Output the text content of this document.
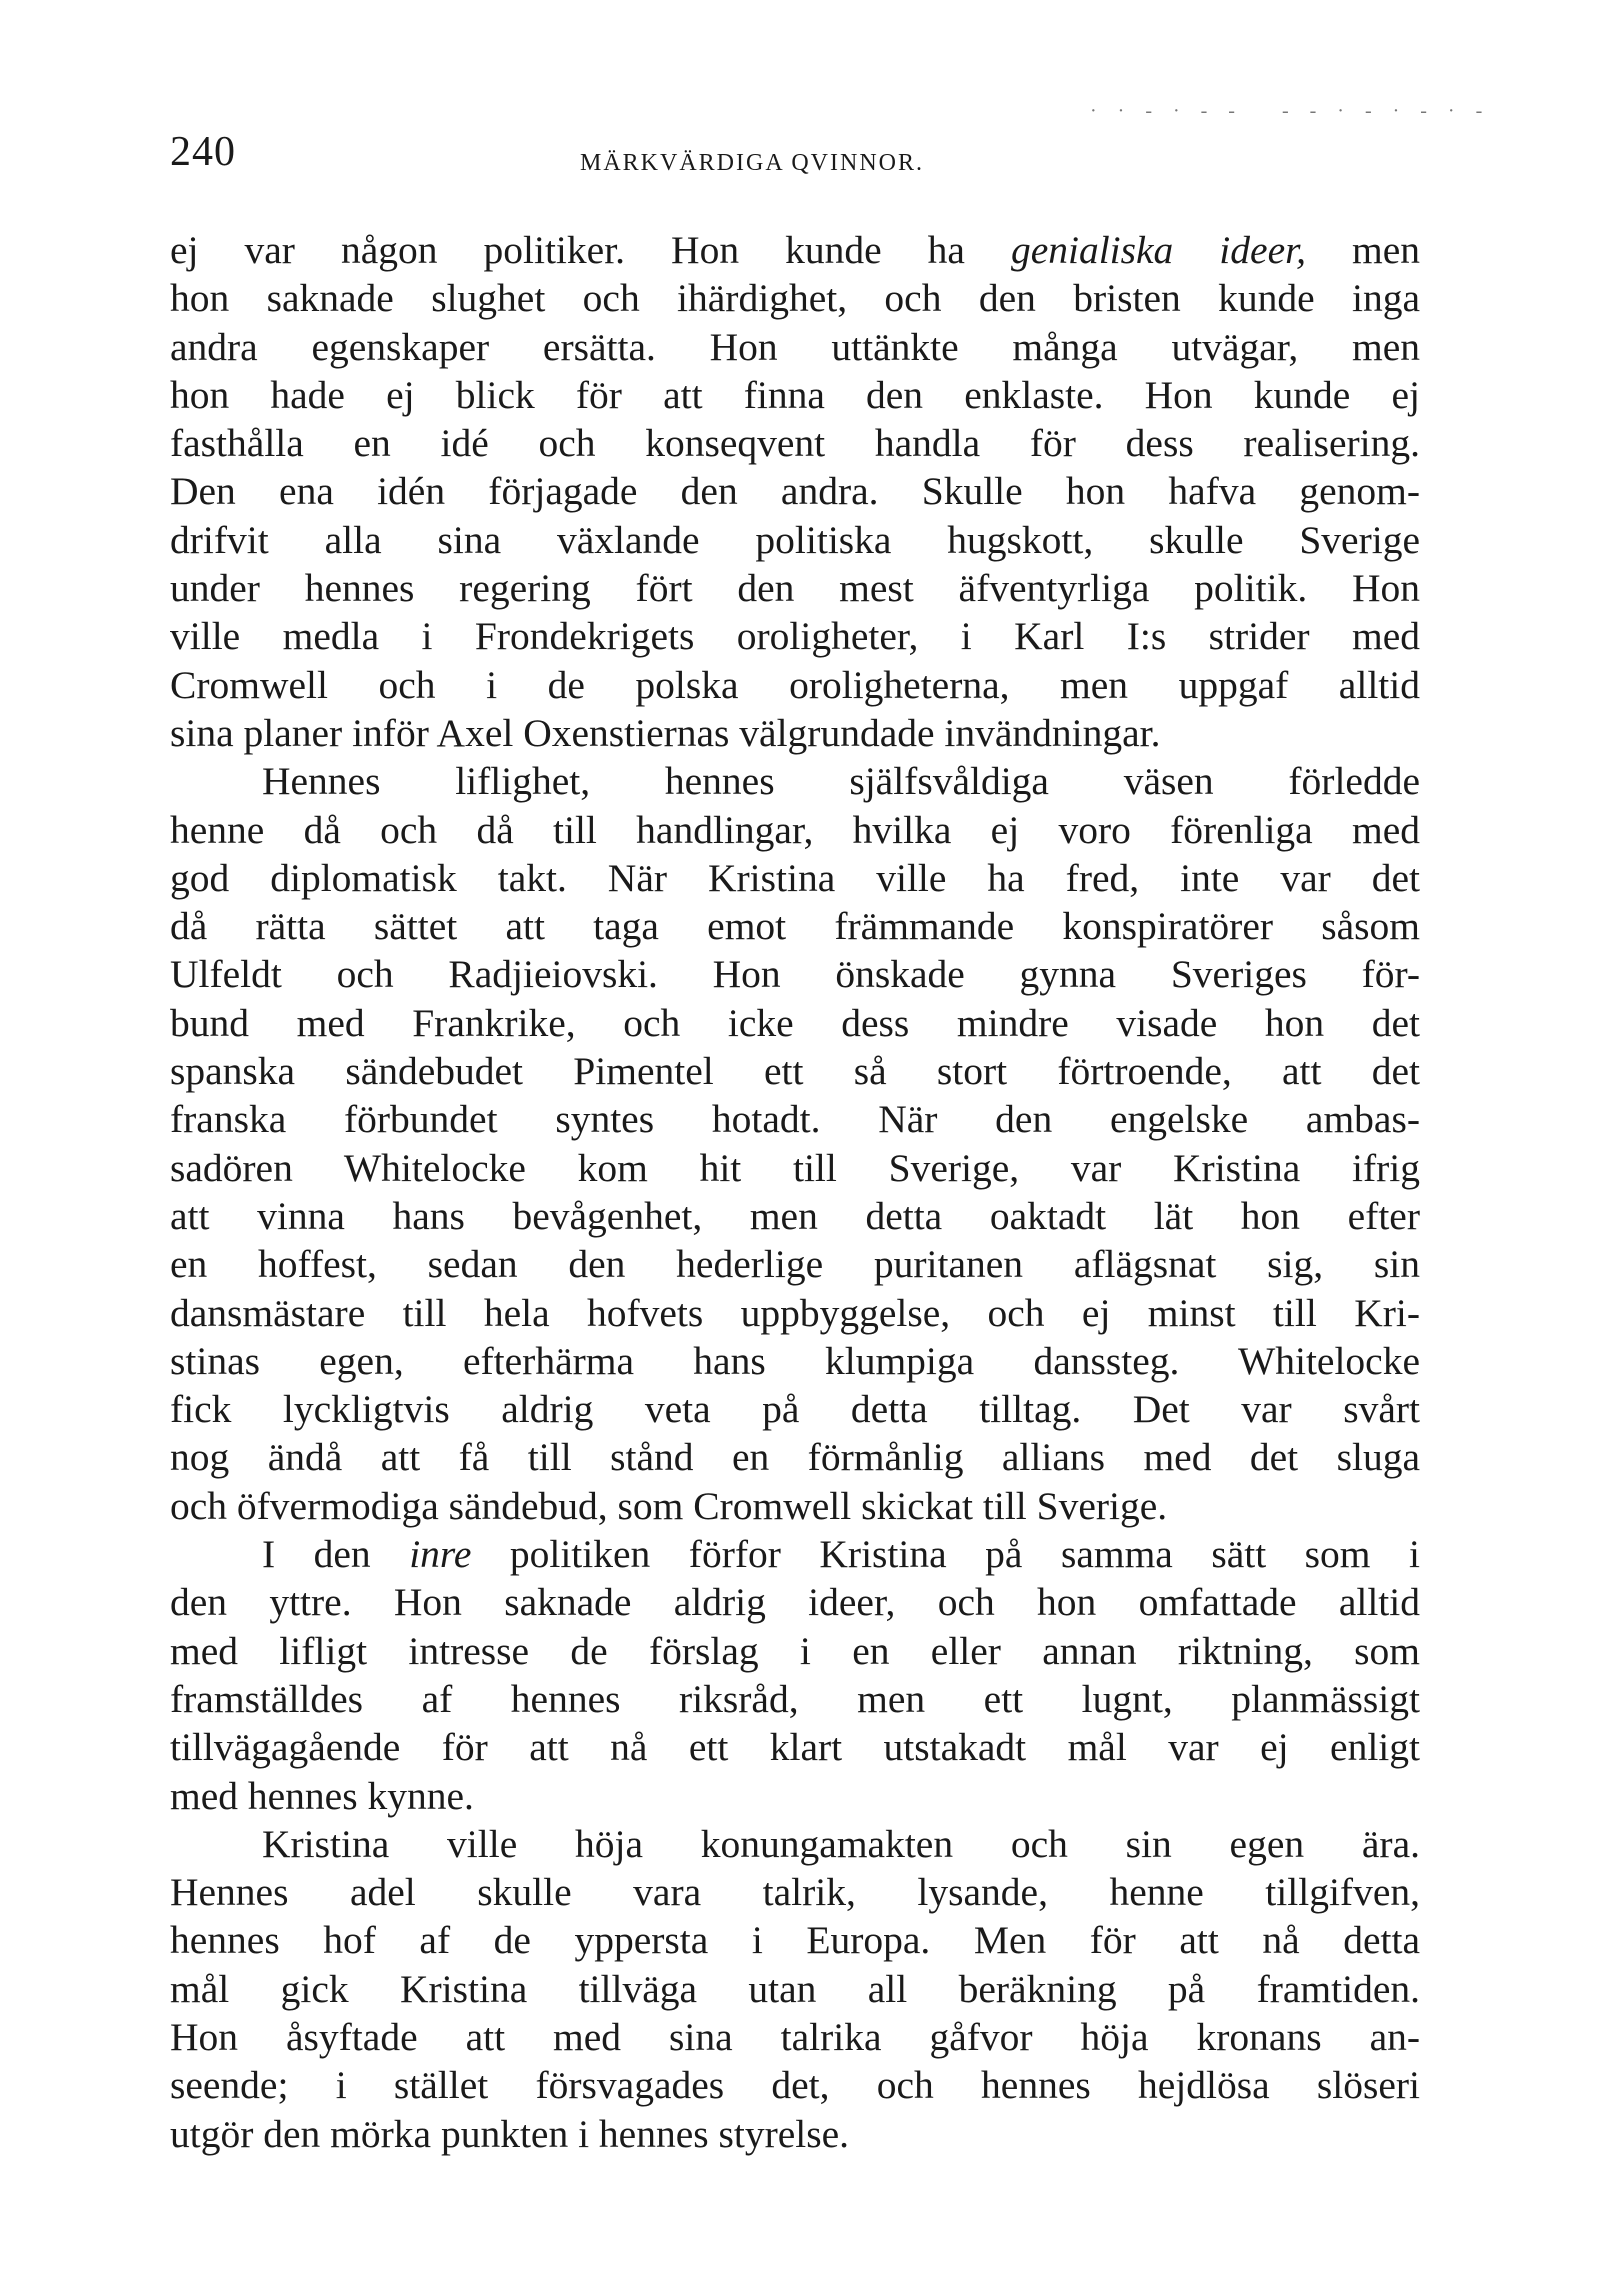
· · - · - -   - - · - · - · -
240	MÄRKVÄRDIGA QVINNOR.
ej var någon politiker. Hon kunde ha genialiska ideer, men
hon saknade slughet och ihärdighet, och den bristen kunde inga
andra egenskaper ersätta. Hon uttänkte många utvägar, men
hon hade ej blick för att finna den enklaste. Hon kunde ej
fasthålla en idé och konseqvent handla för dess realisering.
Den ena idén förjagade den andra. Skulle hon hafva genom-
drifvit alla sina växlande politiska hugskott, skulle Sverige
under hennes regering fört den mest äfventyrliga politik. Hon
ville medla i Frondekrigets oroligheter, i Karl I:s strider med
Cromwell och i de polska oroligheterna, men uppgaf alltid
sina planer inför Axel Oxenstiernas välgrundade invändningar.
Hennes liflighet, hennes själfsvåldiga väsen förledde
henne då och då till handlingar, hvilka ej voro förenliga med
god diplomatisk takt. När Kristina ville ha fred, inte var det
då rätta sättet att taga emot främmande konspiratörer såsom
Ulfeldt och Radjieiovski. Hon önskade gynna Sveriges för-
bund med Frankrike, och icke dess mindre visade hon det
spanska sändebudet Pimentel ett så stort förtroende, att det
franska förbundet syntes hotadt. När den engelske ambas-
sadören Whitelocke kom hit till Sverige, var Kristina ifrig
att vinna hans bevågenhet, men detta oaktadt lät hon efter
en hoffest, sedan den hederlige puritanen aflägsnat sig, sin
dansmästare till hela hofvets uppbyggelse, och ej minst till Kri-
stinas egen, efterhärma hans klumpiga danssteg. Whitelocke
fick lyckligtvis aldrig veta på detta tilltag. Det var svårt
nog ändå att få till stånd en förmånlig allians med det sluga
och öfvermodiga sändebud, som Cromwell skickat till Sverige.
I den inre politiken förfor Kristina på samma sätt som i
den yttre. Hon saknade aldrig ideer, och hon omfattade alltid
med lifligt intresse de förslag i en eller annan riktning, som
framställdes af hennes riksråd, men ett lugnt, planmässigt
tillvägagående för att nå ett klart utstakadt mål var ej enligt
med hennes kynne.
Kristina ville höja konungamakten och sin egen ära.
Hennes adel skulle vara talrik, lysande, henne tillgifven,
hennes hof af de yppersta i Europa. Men för att nå detta
mål gick Kristina tillväga utan all beräkning på framtiden.
Hon åsyftade att med sina talrika gåfvor höja kronans an-
seende; i stället försvagades det, och hennes hejdlösa slöseri
utgör den mörka punkten i hennes styrelse.
